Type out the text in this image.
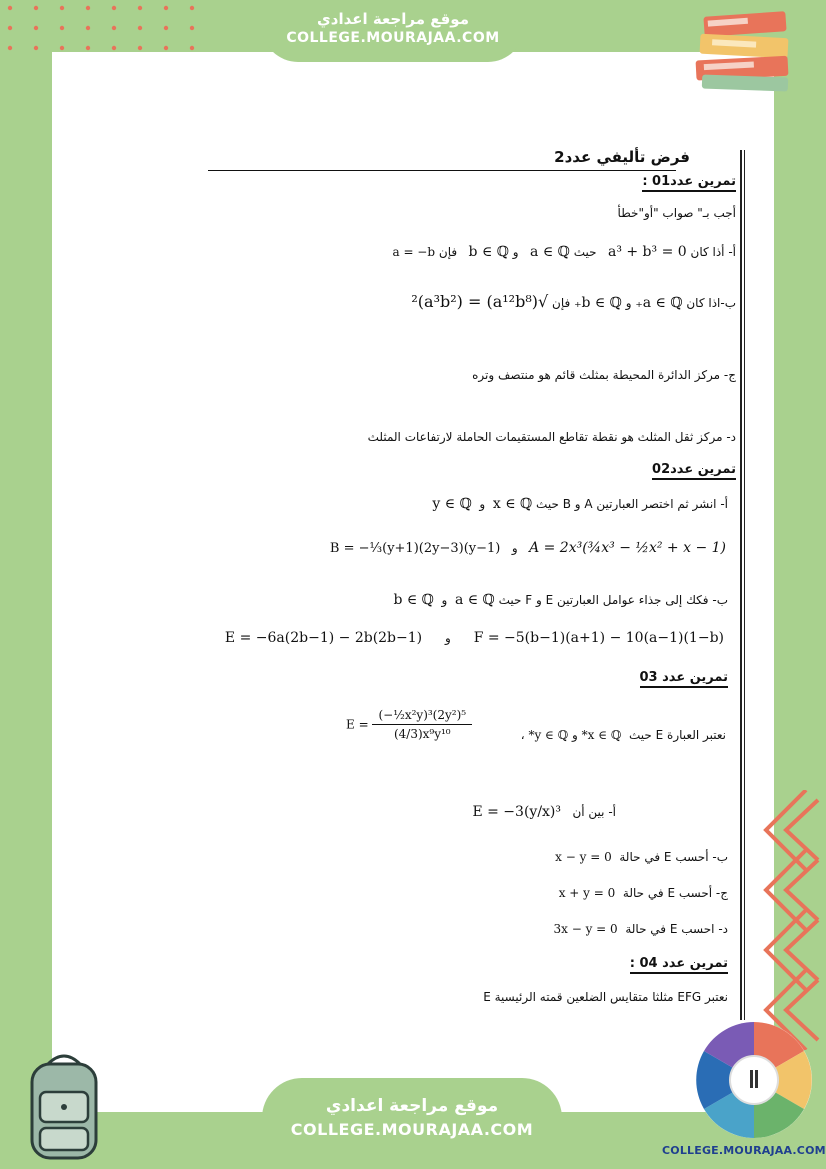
موقع مراجعة اعدادي
COLLEGE.MOURAJAA.COM
COLLEGE.MOURAJAA.COM
موقع مراجعة اعدادي
COLLEGE.MOURAJAA.COM
فرض تأليفي عدد2
تمرين عدد01 :
أجب بـ" صواب "أو"خطأ
أ- أذا كان a³ + b³ = 0   حيث a ∈ ℚ   و b ∈ ℚ   فإن a = −b
ب-اذا كان a ∈ ℚ₊ و b ∈ ℚ₊ فإن √(a¹²b⁸) = (a³b²)²
ج- مركز الدائرة المحيطة بمثلث قائم هو منتصف وتره
د- مركز ثقل المثلث هو نقطة تقاطع المستقيمات الحاملة لارتفاعات المثلث
تمرين عدد02
أ- انشر ثم اختصر العبارتين A و B حيث x ∈ ℚ  و  y ∈ ℚ
A = 2x³(¾x³ − ½x² + x − 1)   و   B = −⅓(y+1)(2y−3)(y−1)
ب- فكك إلى جذاء عوامل العبارتين E و F حيث a ∈ ℚ  و  b ∈ ℚ
F = −5(b−1)(a+1) − 10(a−1)(1−b)      و      E = −6a(2b−1) − 2b(2b−1)
تمرين عدد 03
نعتبر العبارة E حيث  x ∈ ℚ* و y ∈ ℚ* ،
$E = \frac{\text{(−½x²y)³(2y²)⁵}}{\text{(4/3)x⁹y¹⁰}}$
أ- بين أن   E = −3(y/x)³
ب- أحسب E في حالة  x − y = 0
ج- أحسب E في حالة  x + y = 0
د- احسب E في حالة  3x − y = 0
تمرين عدد 04 :
نعتبر EFG مثلثا متقايس الضلعين قمته الرئيسية E
